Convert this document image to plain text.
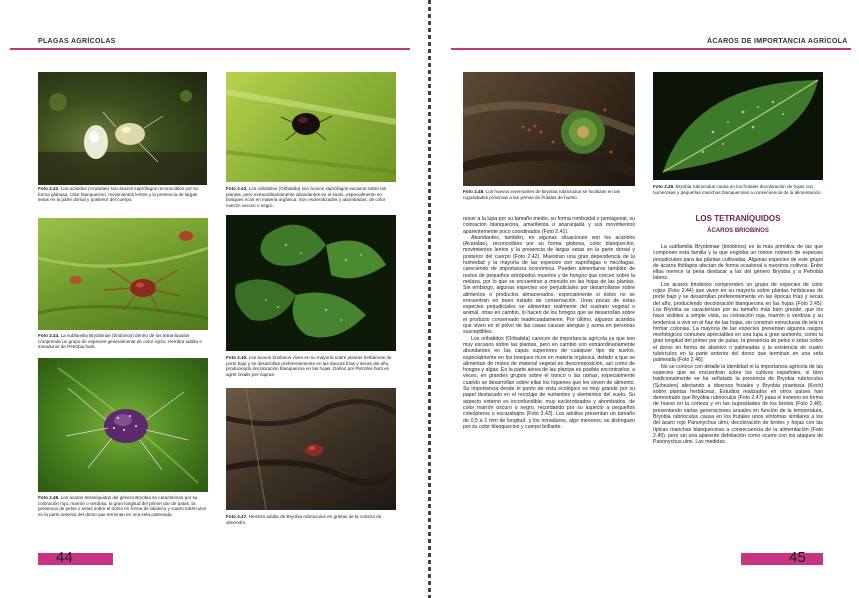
PLAGAS AGRÍCOLAS
Foto 2.42. Los acáridos (Acaridae) son ácaros saprófagos reconocibles por su forma globosa, color blanquecino, movimientos lentos y la presencia de largas setas en la parte dorsal y posterior del cuerpo.
Foto 2.43. Los oribátidos (Oribatida) son ácaros saprófagos escasos sobre las plantas, pero extraordinariamente abundantes en el suelo, especialmente en bosques ricos en materia orgánica. Son esclerotizados y abombados, de color marrón oscuro o negro.
Foto 2.44. La subfamilia Bryobiinae (briobinos) dentro de los tetraníquidos comprende un grupo de especies generalmente de color rojizo. Hembra adulta e inmaduros de Petrobia harti.
Foto 2.45. Los ácaros briobinos viven en su mayoría sobre plantas herbáceas de porte bajo y se desarrollan preferentemente en las épocas frías y secas del año, produciendo decoloración blanquecina en las hojas. Daños por Petrobia harti en agret Oxalis per-caprae.
Foto 2.46. Los ácaros tetraníquidos del género Bryobia se caracterizan por su coloración roja, marrón o verdosa, la gran longitud del primer par de patas, la presencia de pelos o setas sobre el dorso en forma de abanico y cuatro tubérculos en la parte anterior del dorso que terminan en una seta palmeada.	Foto 2.47. Hembra adulta de Bryobia rubrioculus en grietas de la corteza de almendro.
44
ÁCAROS DE IMPORTANCIA AGRÍCOLA
Foto 2.48. Los huevos invernantes de Bryobia rubrioculus se localizan en las rugosidades próximas a las yemas de frutales de hueso.
Foto 2.49. Bryobia rubrioculus causa en los frutales decoloración de hojas con numerosas y pequeñas manchas blanquecinas a consecuencia de la alimentación.

nocer a la lupa por su tamaño medio, su forma romboidal o pentagonal, su coloración blanquecina, amarillenta o anaranjada y sus movimientos aparentemente poco coordinados (Foto 2.41).

Abundantes, también, en algunas situaciones son los acáridos (Acaridae), reconocibles por su forma globosa, color blanquecino, movimientos lentos y la presencia de largas setas en la parte dorsal y posterior del cuerpo (Foto 2.42). Muestran una gran dependencia de la humedad y la mayoría de las especies son saprófagas o micófagas, careciendo de importancia económica. Pueden alimentarse también de restos de pequeños artrópodos muertos y de hongos que crecen sobre la melaza, por lo que se encuentran a menudo en las hojas de las plantas. Sin embargo, algunas especies son perjudiciales por desarrollarse sobre alimentos o productos almacenados, especialmente si éstos no se encuentran en buen estado de conservación. Unas pocas de estas especies perjudiciales se alimentan realmente del sustrato vegetal o animal, otras en cambio, lo hacen de los hongos que se desarrollan sobre el producto conservado inadecuadamente. Por último, algunos acáridos que viven en el polvo de las casas causan alergias y asma en personas susceptibles.

Los oribátidos (Oribatida) carecen de importancia agrícola ya que son muy escasos sobre las plantas, pero en cambio son extraordinariamente abundantes en las capas superiores de cualquier tipo de suelos, especialmente en los bosques ricos en materia orgánica, debido a que se alimentan de restos de material vegetal en descomposición, así como de hongos y algas. En la parte aérea de las plantas es posible encontrarlos, a veces, en grandes grupos sobre el tronco o las ramas, especialmente cuando se desarrollan sobre ellas los líquenes que les sirven de alimento. Su importancia desde el punto de vista ecológico es muy grande por su papel destacado en el reciclaje de nutrientes y elementos del suelo. Su aspecto externo es inconfundible, muy esclerotizados y abombados, de color marrón oscuro o negro, recordando por su aspecto a pequeños coleópteros o escarabajos (Foto 2.43). Los adultos presentan un tamaño de 0,5 a 1 mm de longitud, y los inmaduros, algo menores, se distinguen por su color blanquecino y cuerpo brillante.

LOS TETRANÍQUIDOS
ÁCAROS BRIOBINOS

La subfamilia Bryobiinae (briobinos) es la más primitiva de las que componen esta familia y la que engloba un menor número de especies perjudiciales para las plantas cultivadas. Algunas especies de este grupo de ácaros fitófagos afectan de forma ocasional a nuestros cultivos. Entre ellas merece la pena destacar a las del género Bryobia y a Petrobia latens.

Los ácaros briobinos comprenden un grupo de especies de color rojizo (Foto 2.44) que viven en su mayoría sobre plantas herbáceas de porte bajo y se desarrollan preferentemente en las épocas frías y secas del año, produciendo decoloración blanquecina en las hojas (Foto 2.45). Los Bryobia se caracterizan por su tamaño más bien grande, que los hace visibles a simple vista, su coloración roja, marrón o verdosa y su tendencia a vivir en el haz de las hojas, sin construir estructuras de tela ni formar colonias. La mayoría de las especies presentan algunos rasgos morfológicos comunes apreciables en una lupa a gran aumento, como la gran longitud del primer par de patas, la presencia de pelos o setas sobre el dorso en forma de abanico o palmeadas y la existencia de cuatro tubérculos en la parte anterior del dorso que terminan en una seta palmeada (Foto 2.46).

No se conoce con detalle la identidad ni la importancia agrícola de las especies que se encuentran sobre los cultivos españoles, si bien tradicionalmente se ha señalado la presencia de Bryobia rubrioculus (Scheuten) afectando a diversos frutales y Bryobia praetiosa (Koch) sobre plantas herbáceas. Estudios realizados en otros países han demostrado que Bryobia rubrioculus (Foto 2.47) pasa el invierno en forma de huevo en la corteza y en las rugosidades de los brotes (Foto 2.48), presentando varias generaciones anuales en función de la temperatura. Bryobia rubrioculus causa en los frutales unos síntomas similares a los del ácaro rojo Panonychus ulmi, decoloración de brotes y hojas con las típicas manchas blanquecinas a consecuencia de la alimentación (Foto 2.49), pero sin una aparente defoliación como ocurre con los ataques de Panonychus ulmi. Las medidas

45
